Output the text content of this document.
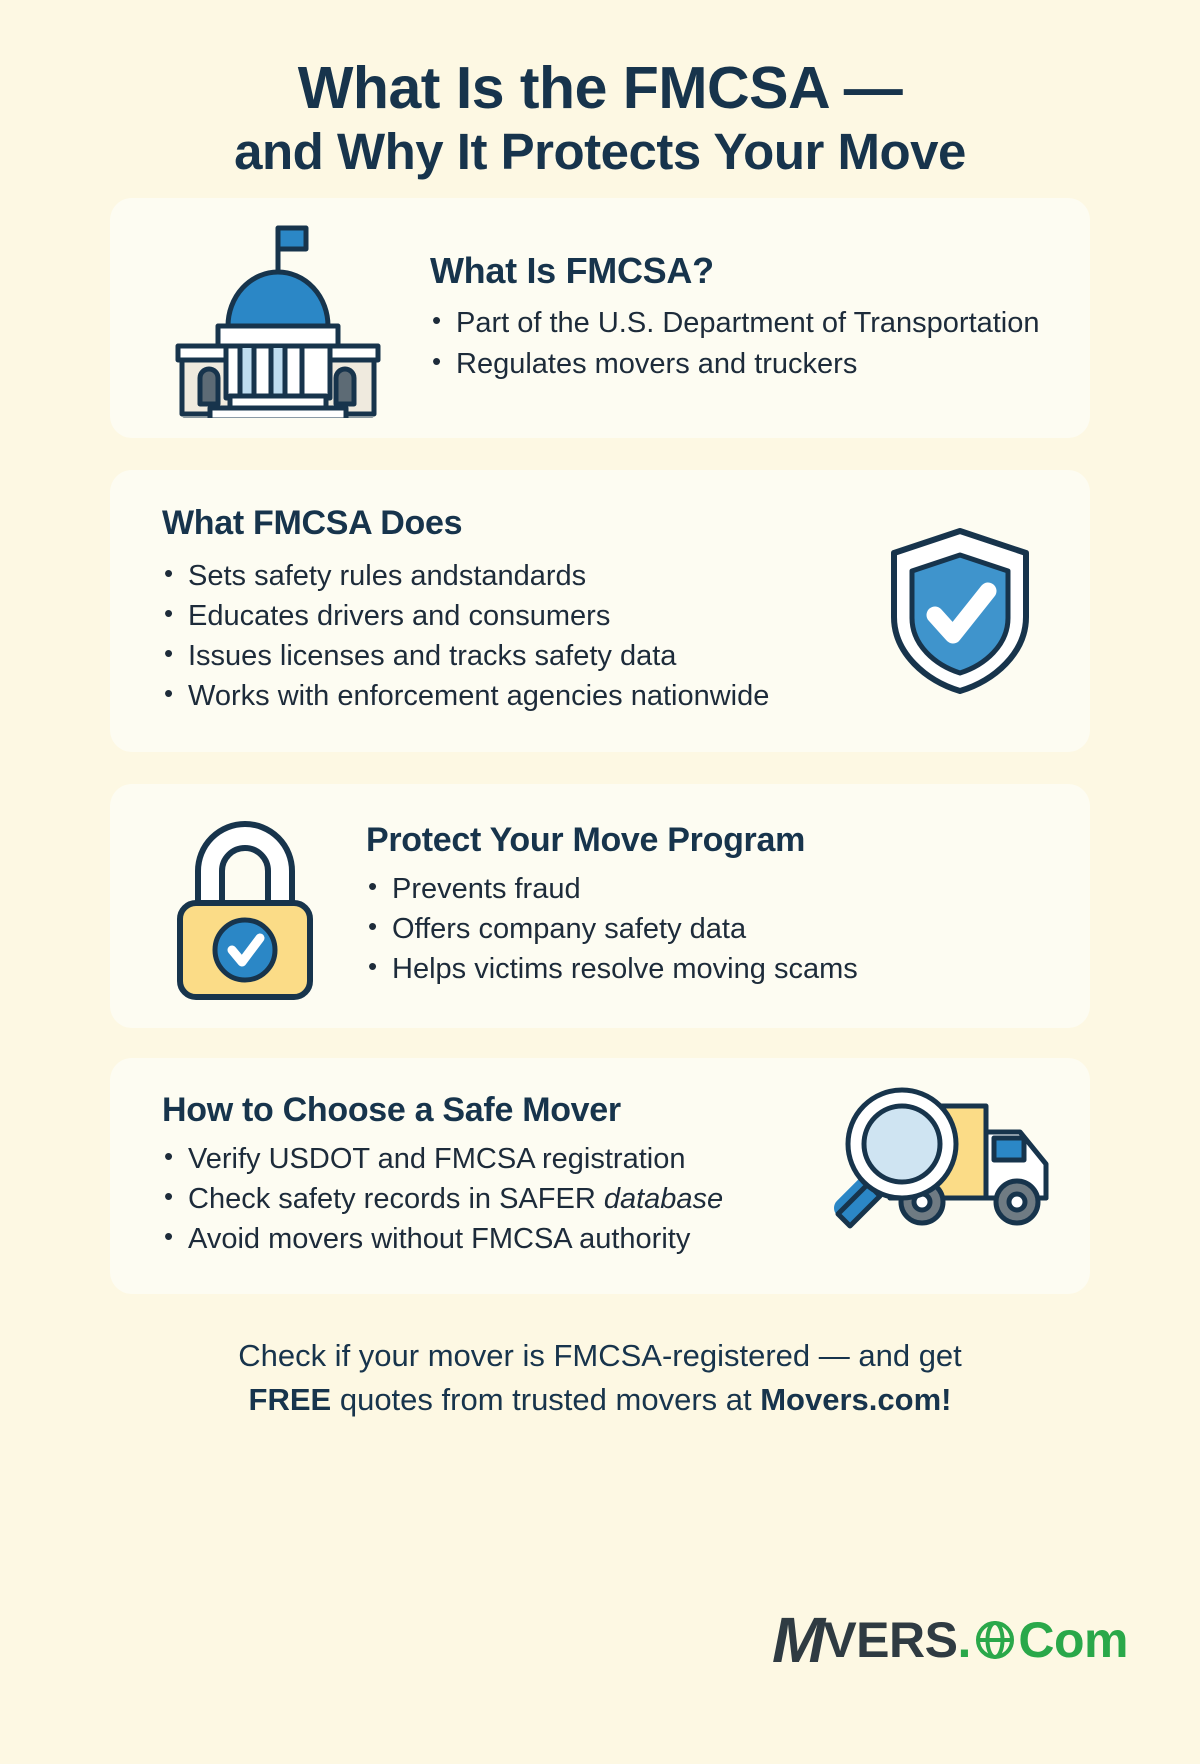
What Is the FMCSA —
and Why It Protects Your Move
What Is FMCSA?
• Part of the U.S. Department of Transportation
• Regulates movers and truckers
What FMCSA Does
• Sets safety rules andstandards
• Educates drivers and consumers
• Issues licenses and tracks safety data
• Works with enforcement agencies nationwide
Protect Your Move Program
• Prevents fraud
• Offers company safety data
• Helps victims resolve moving scams
How to Choose a Safe Mover
• Verify USDOT and FMCSA registration
• Check safety records in SAFER database
• Avoid movers without FMCSA authority
Check if your mover is FMCSA-registered — and get
FREE quotes from trusted movers at Movers.com!
M VERS . Com
